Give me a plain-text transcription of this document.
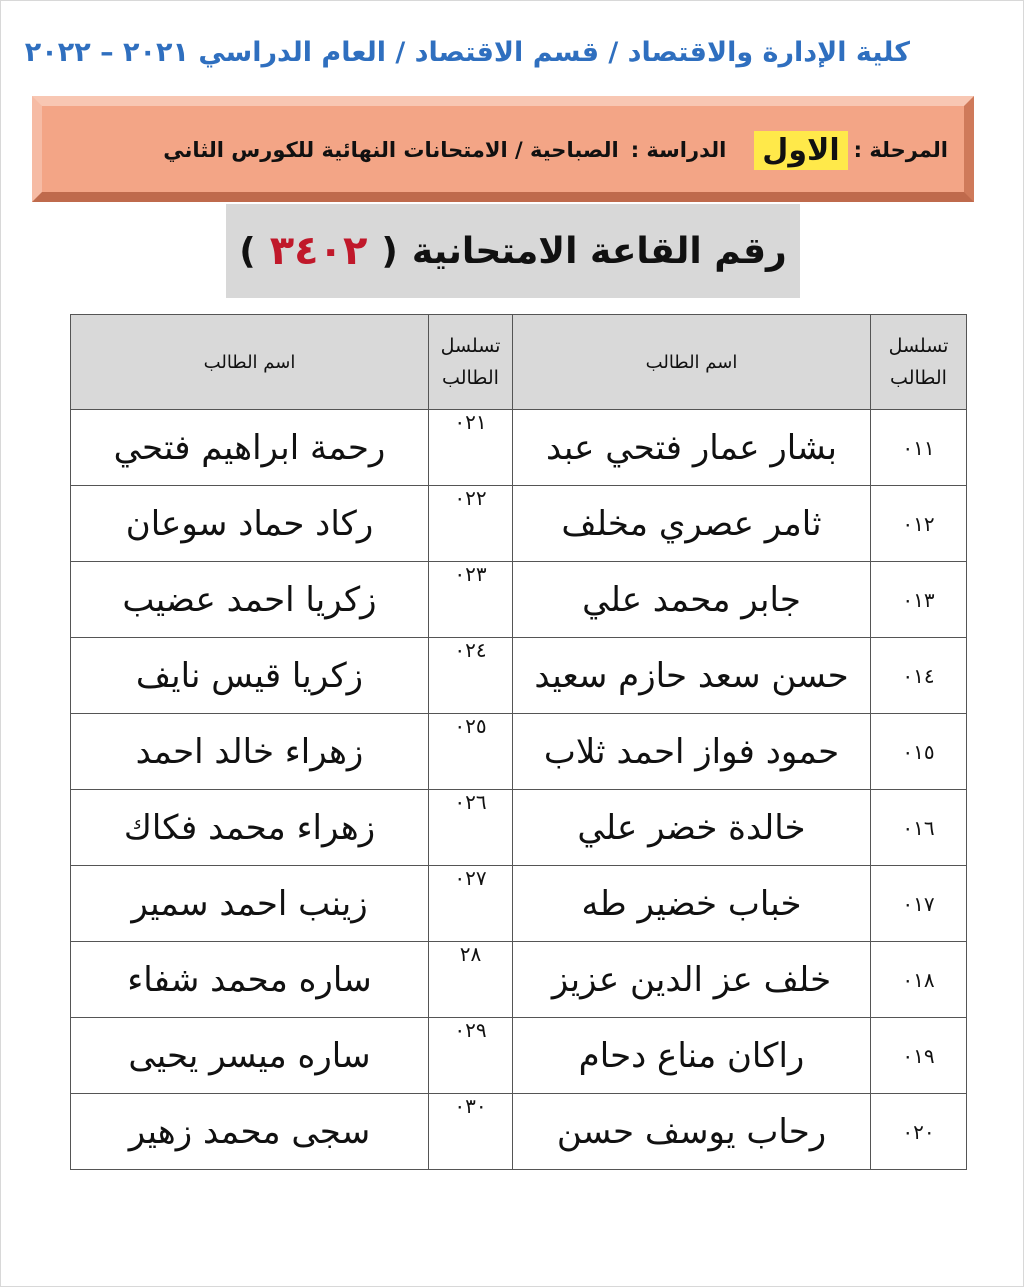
كلية الإدارة والاقتصاد / قسم الاقتصاد / العام الدراسي ٢٠٢١ – ٢٠٢٢
المرحلة :
الاول
الدراسة :
الصباحية / الامتحانات النهائية للكورس الثاني
رقم القاعة الامتحانية
(
٣٤٠٢
)
تسلسل الطالب	اسم الطالب	تسلسل الطالب	اسم الطالب
٠١١	بشار عمار فتحي عبد	٠٢١	رحمة ابراهيم فتحي
٠١٢	ثامر عصري مخلف	٠٢٢	ركاد حماد سوعان
٠١٣	جابر محمد علي	٠٢٣	زكريا احمد عضيب
٠١٤	حسن سعد حازم سعيد	٠٢٤	زكريا قيس نايف
٠١٥	حمود فواز احمد ثلاب	٠٢٥	زهراء خالد احمد
٠١٦	خالدة خضر علي	٠٢٦	زهراء محمد فكاك
٠١٧	خباب خضير طه	٠٢٧	زينب احمد سمير
٠١٨	خلف عز الدين عزيز	٢٨	ساره محمد شفاء
٠١٩	راكان مناع دحام	٠٢٩	ساره ميسر يحيى
٠٢٠	رحاب يوسف حسن	٠٣٠	سجى محمد زهير
